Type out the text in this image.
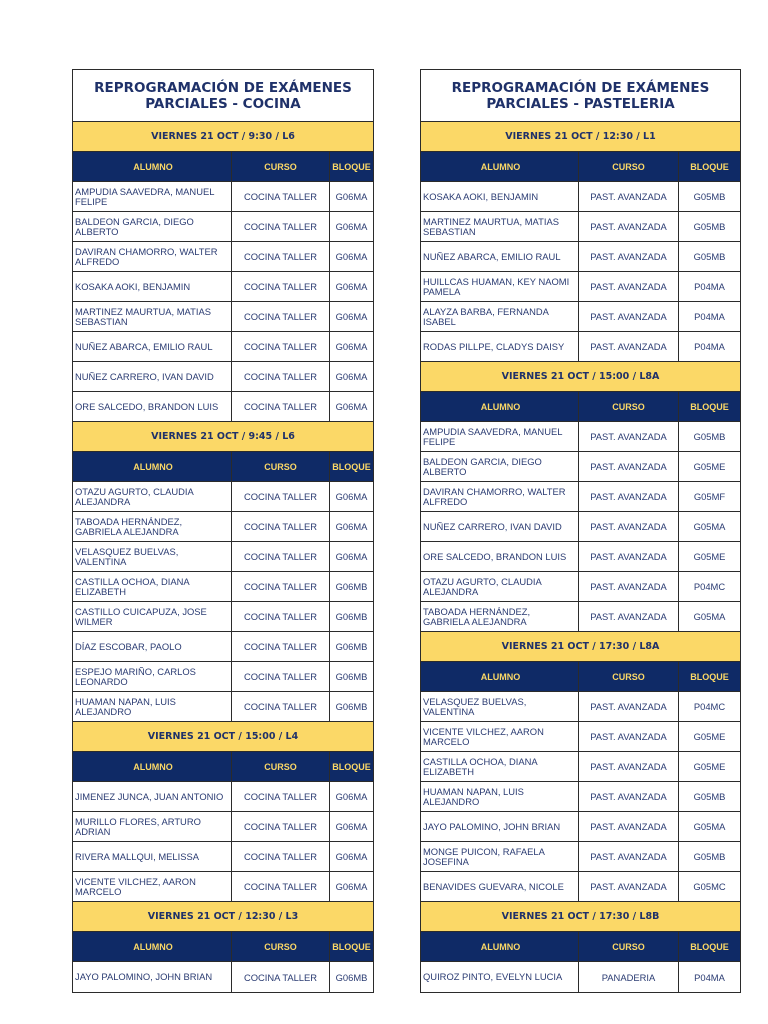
REPROGRAMACIÓN DE EXÁMENES PARCIALES - COCINA
VIERNES 21 OCT / 9:30 / L6
ALUMNO	CURSO	BLOQUE
AMPUDIA SAAVEDRA, MANUEL FELIPE	COCINA TALLER	G06MA
BALDEON GARCIA, DIEGO ALBERTO	COCINA TALLER	G06MA
DAVIRAN CHAMORRO, WALTER ALFREDO	COCINA TALLER	G06MA
KOSAKA AOKI, BENJAMIN	COCINA TALLER	G06MA
MARTINEZ MAURTUA, MATIAS SEBASTIAN	COCINA TALLER	G06MA
NUÑEZ ABARCA, EMILIO RAUL	COCINA TALLER	G06MA
NUÑEZ CARRERO, IVAN DAVID	COCINA TALLER	G06MA
ORE SALCEDO, BRANDON LUIS	COCINA TALLER	G06MA
VIERNES 21 OCT / 9:45 / L6
ALUMNO	CURSO	BLOQUE
OTAZU AGURTO, CLAUDIA ALEJANDRA	COCINA TALLER	G06MA
TABOADA HERNÁNDEZ, GABRIELA ALEJANDRA	COCINA TALLER	G06MA
VELASQUEZ BUELVAS, VALENTINA	COCINA TALLER	G06MA
CASTILLA OCHOA, DIANA ELIZABETH	COCINA TALLER	G06MB
CASTILLO CUICAPUZA, JOSE WILMER	COCINA TALLER	G06MB
DÍAZ ESCOBAR, PAOLO	COCINA TALLER	G06MB
ESPEJO MARIÑO, CARLOS LEONARDO	COCINA TALLER	G06MB
HUAMAN NAPAN, LUIS ALEJANDRO	COCINA TALLER	G06MB
VIERNES 21 OCT / 15:00 / L4
ALUMNO	CURSO	BLOQUE
JIMENEZ JUNCA, JUAN ANTONIO	COCINA TALLER	G06MA
MURILLO FLORES, ARTURO ADRIAN	COCINA TALLER	G06MA
RIVERA MALLQUI, MELISSA	COCINA TALLER	G06MA
VICENTE VILCHEZ, AARON MARCELO	COCINA TALLER	G06MA
VIERNES 21 OCT / 12:30 / L3
ALUMNO	CURSO	BLOQUE
JAYO PALOMINO, JOHN BRIAN	COCINA TALLER	G06MB
REPROGRAMACIÓN DE EXÁMENES PARCIALES - PASTELERIA
VIERNES 21 OCT / 12:30 / L1
ALUMNO	CURSO	BLOQUE
KOSAKA AOKI, BENJAMIN	PAST. AVANZADA	G05MB
MARTINEZ MAURTUA, MATIAS SEBASTIAN	PAST. AVANZADA	G05MB
NUÑEZ ABARCA, EMILIO RAUL	PAST. AVANZADA	G05MB
HUILLCAS HUAMAN, KEY NAOMI PAMELA	PAST. AVANZADA	P04MA
ALAYZA BARBA, FERNANDA ISABEL	PAST. AVANZADA	P04MA
RODAS PILLPE, CLADYS DAISY	PAST. AVANZADA	P04MA
VIERNES 21 OCT / 15:00 / L8A
ALUMNO	CURSO	BLOQUE
AMPUDIA SAAVEDRA, MANUEL FELIPE	PAST. AVANZADA	G05MB
BALDEON GARCIA, DIEGO ALBERTO	PAST. AVANZADA	G05ME
DAVIRAN CHAMORRO, WALTER ALFREDO	PAST. AVANZADA	G05MF
NUÑEZ CARRERO, IVAN DAVID	PAST. AVANZADA	G05MA
ORE SALCEDO, BRANDON LUIS	PAST. AVANZADA	G05ME
OTAZU AGURTO, CLAUDIA ALEJANDRA	PAST. AVANZADA	P04MC
TABOADA HERNÁNDEZ, GABRIELA ALEJANDRA	PAST. AVANZADA	G05MA
VIERNES 21 OCT / 17:30 / L8A
ALUMNO	CURSO	BLOQUE
VELASQUEZ BUELVAS, VALENTINA	PAST. AVANZADA	P04MC
VICENTE VILCHEZ, AARON MARCELO	PAST. AVANZADA	G05ME
CASTILLA OCHOA, DIANA ELIZABETH	PAST. AVANZADA	G05ME
HUAMAN NAPAN, LUIS ALEJANDRO	PAST. AVANZADA	G05MB
JAYO PALOMINO, JOHN BRIAN	PAST. AVANZADA	G05MA
MONGE PUICON, RAFAELA JOSEFINA	PAST. AVANZADA	G05MB
BENAVIDES GUEVARA, NICOLE	PAST. AVANZADA	G05MC
VIERNES 21 OCT / 17:30 / L8B
ALUMNO	CURSO	BLOQUE
QUIROZ PINTO, EVELYN LUCIA	PANADERIA	P04MA
